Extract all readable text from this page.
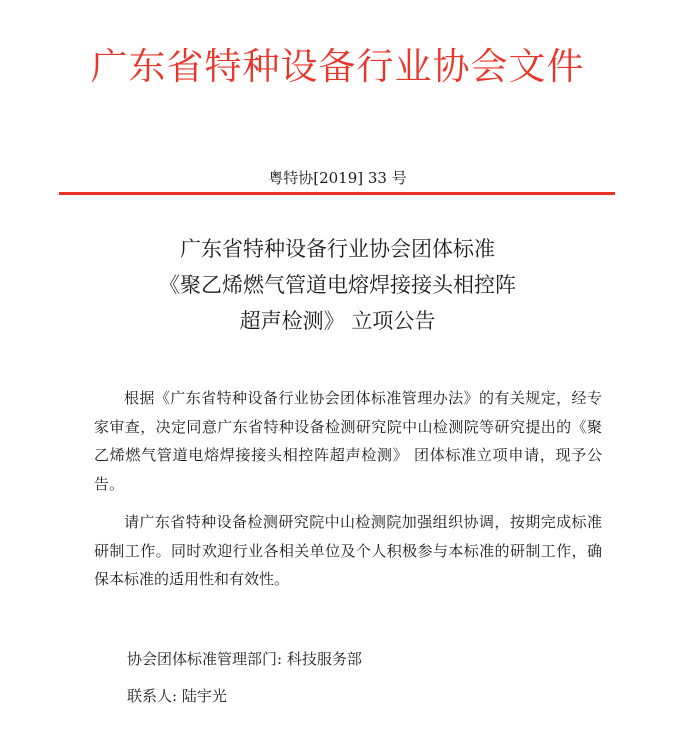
广东省特种设备行业协会文件
粤特协[2019] 33 号
广东省特种设备行业协会团体标准
《聚乙烯燃气管道电熔焊接接头相控阵
超声检测》 立项公告

根据《广东省特种设备行业协会团体标准管理办法》的有关规定，经专家审查，决定同意广东省特种设备检测研究院中山检测院等研究提出的《聚乙烯燃气管道电熔焊接接头相控阵超声检测》 团体标准立项申请，现予公告。

请广东省特种设备检测研究院中山检测院加强组织协调，按期完成标准研制工作。同时欢迎行业各相关单位及个人积极参与本标准的研制工作，确保本标准的适用性和有效性。

协会团体标准管理部门: 科技服务部
联系人: 陆宇光
